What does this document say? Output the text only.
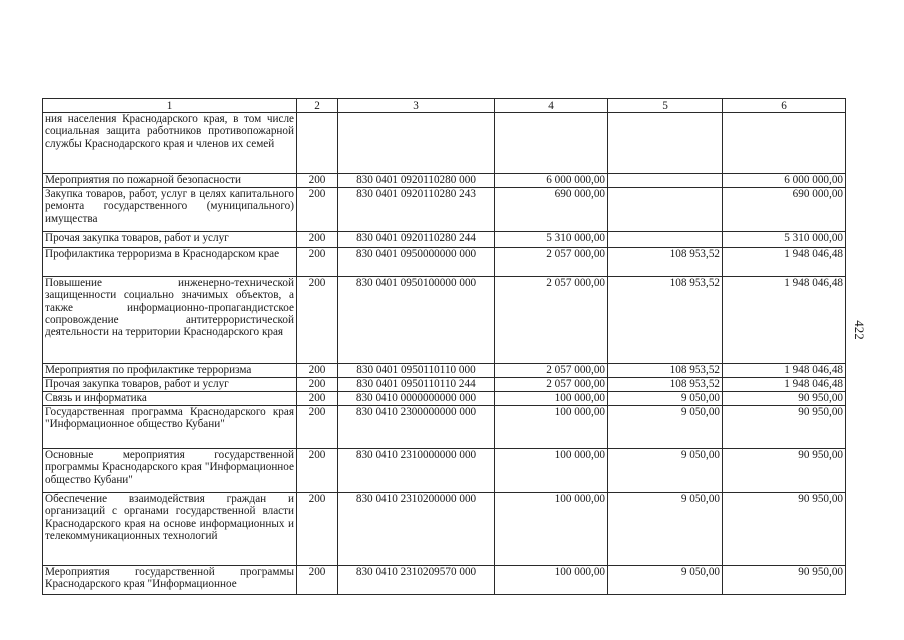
1	2	3	4	5	6
ния населения Краснодарского края, в том числе социальная защита работников противопожарной службы Краснодарского края и членов их семей					
Мероприятия по пожарной безопасности	200	830 0401 0920110280 000	6 000 000,00		6 000 000,00
Закупка товаров, работ, услуг в целях капитального ремонта государственного (муниципального) имущества	200	830 0401 0920110280 243	690 000,00		690 000,00
Прочая закупка товаров, работ и услуг	200	830 0401 0920110280 244	5 310 000,00		5 310 000,00
Профилактика терроризма в Краснодарском крае	200	830 0401 0950000000 000	2 057 000,00	108 953,52	1 948 046,48
Повышение инженерно-технической защищенности социально значимых объектов, а также информационно-пропагандистское сопровождение антитеррористической деятельности на территории Краснодарского края	200	830 0401 0950100000 000	2 057 000,00	108 953,52	1 948 046,48
Мероприятия по профилактике терроризма	200	830 0401 0950110110 000	2 057 000,00	108 953,52	1 948 046,48
Прочая закупка товаров, работ и услуг	200	830 0401 0950110110 244	2 057 000,00	108 953,52	1 948 046,48
Связь и информатика	200	830 0410 0000000000 000	100 000,00	9 050,00	90 950,00
Государственная программа Краснодарского края "Информационное общество Кубани"	200	830 0410 2300000000 000	100 000,00	9 050,00	90 950,00
Основные мероприятия государственной программы Краснодарского края "Информационное общество Кубани"	200	830 0410 2310000000 000	100 000,00	9 050,00	90 950,00
Обеспечение взаимодействия граждан и организаций с органами государственной власти Краснодарского края на основе информационных и телекоммуникационных технологий	200	830 0410 2310200000 000	100 000,00	9 050,00	90 950,00
Мероприятия государственной программы Краснодарского края "Информационное	200	830 0410 2310209570 000	100 000,00	9 050,00	90 950,00
422
